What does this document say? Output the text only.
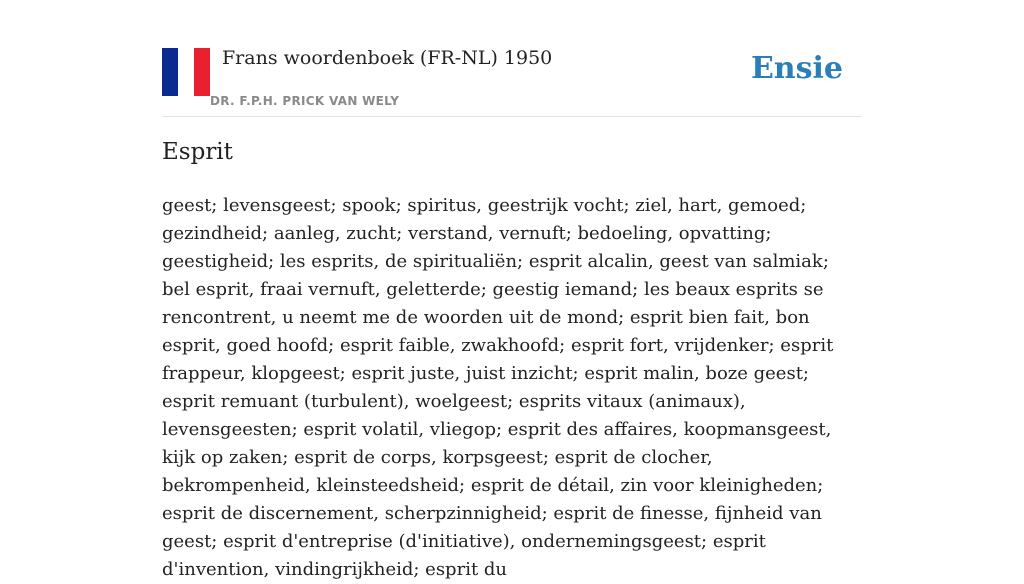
Frans woordenboek (FR-NL) 1950
DR. F.P.H. PRICK VAN WELY
Ensie
Esprit

geest; levensgeest; spook; spiritus, geestrijk vocht; ziel, hart, gemoed; gezindheid; aanleg, zucht; verstand, vernuft; bedoeling, opvatting; geestigheid; les esprits, de spiritualiën; esprit alcalin, geest van salmiak; bel esprit, fraai vernuft, geletterde; geestig iemand; les beaux esprits se rencontrent, u neemt me de woorden uit de mond; esprit bien fait, bon esprit, goed hoofd; esprit faible, zwakhoofd; esprit fort, vrijdenker; esprit frappeur, klopgeest; esprit juste, juist inzicht; esprit malin, boze geest; esprit remuant (turbulent), woelgeest; esprits vitaux (animaux), levensgeesten; esprit volatil, vliegop; esprit des affaires, koopmansgeest, kijk op zaken; esprit de corps, korpsgeest; esprit de clocher, bekrompenheid, kleinsteedsheid; esprit de détail, zin voor kleinigheden; esprit de discernement, scherpzinnigheid; esprit de finesse, fijnheid van geest; esprit d'entreprise (d'initiative), ondernemingsgeest; esprit d'invention, vindingrijkheid; esprit du
